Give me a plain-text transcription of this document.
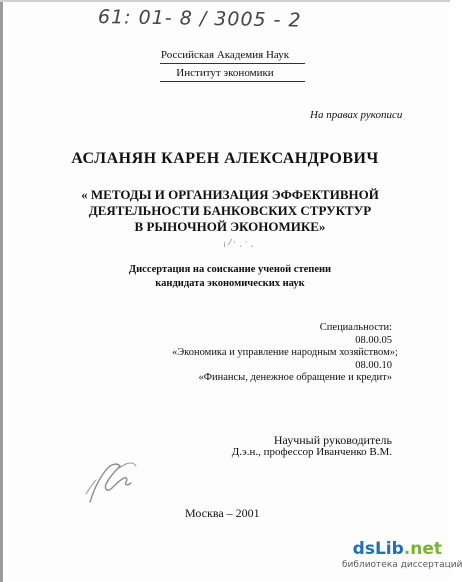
61: 01- 8 / 3005 - 2
Российская Академия Наук
Институт экономики
На правах рукописи
АСЛАНЯН КАРЕН АЛЕКСАНДРОВИЧ
« МЕТОДЫ И ОРГАНИЗАЦИЯ ЭФФЕКТИВНОЙ
ДЕЯТЕЛЬНОСТИ БАНКОВСКИХ СТРУКТУР
В РЫНОЧНОЙ ЭКОНОМИКЕ»
╷ ⁄ · ˏ · ˏ
Диссертация на соискание ученой степени
кандидата экономических наук
Специальности:
08.00.05
«Экономика и управление народным хозяйством»;
08.00.10
«Финансы, денежное обращение и кредит»
Научный руководитель
Д.э.н., профессор Иванченко В.М.
Москва – 2001
dsLib.net
библиотека диссертаций
